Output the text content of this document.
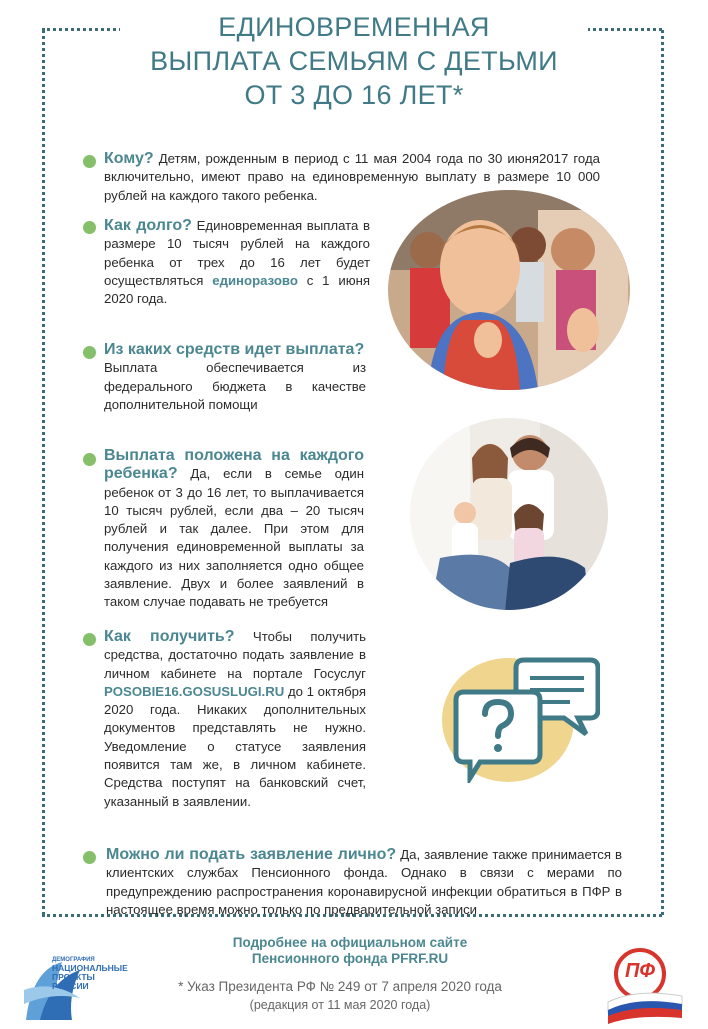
ЕДИНОВРЕМЕННАЯ
ВЫПЛАТА СЕМЬЯМ С ДЕТЬМИ
ОТ 3 ДО 16 ЛЕТ*
Кому? Детям, рожденным в период с 11 мая 2004 года по 30 июня2017 года включительно, имеют право на единовременную выплату в размере 10 000 рублей на каждого такого ребенка.
Как долго? Единовременная выплата в размере 10 тысяч рублей на каждого ребенка от трех до 16 лет будет осуществляться единоразово с 1 июня 2020 года.
Из каких средств идет выплата?
Выплата обеспечивается из федерального бюджета в качестве дополнительной помощи
Выплата положена на каждого ребенка? Да, если в семье один ребенок от 3 до 16 лет, то выплачивается 10 тысяч рублей, если два – 20 тысяч рублей и так далее. При этом для получения единовременной выплаты за каждого из них заполняется одно общее заявление. Двух и более заявлений в таком случае подавать не требуется
Как получить? Чтобы получить средства, достаточно подать заявление в личном кабинете на портале Госуслуг POSOBIE16.GOSUSLUGI.RU до 1 октября 2020 года. Никаких дополнительных документов представлять не нужно. Уведомление о статусе заявления появится там же, в личном кабинете. Средства поступят на банковский счет, указанный в заявлении.
Можно ли подать заявление лично? Да, заявление также принимается в клиентских службах Пенсионного фонда. Однако в связи с мерами по предупреждению распространения коронавирусной инфекции обратиться в ПФР в настоящее время можно только по предварительной записи
Подробнее на официальном сайте
Пенсионного фонда PFRF.RU
* Указ Президента РФ № 249 от 7 апреля 2020 года
(редакция от 11 мая 2020 года)
ДЕМОГРАФИЯ
НАЦИОНАЛЬНЫЕ
ПРОЕКТЫ
РОССИИ
ПФ
